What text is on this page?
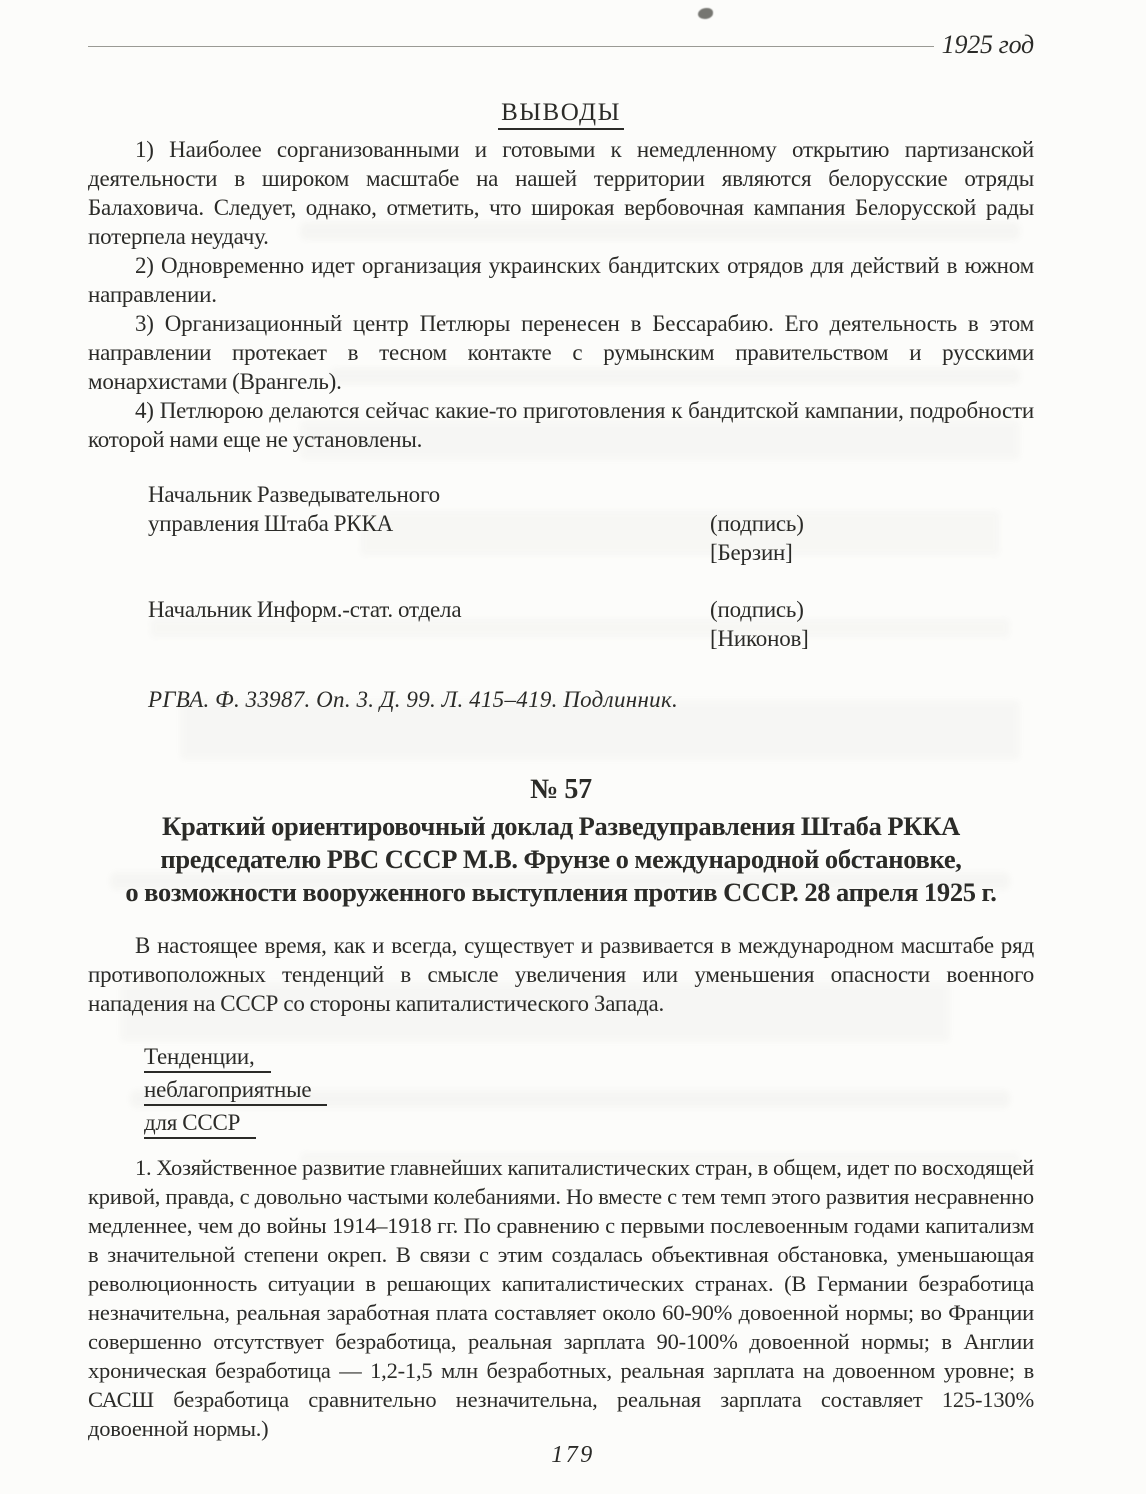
1925 год
ВЫВОДЫ

1) Наиболее сорганизованными и готовыми к немедленному открытию партизанской деятельности в широком масштабе на нашей территории являются белорусские отряды Балаховича. Следует, однако, отметить, что широкая вербовочная кампания Белорусской рады потерпела неудачу.

2) Одновременно идет организация украинских бандитских отрядов для действий в южном направлении.

3) Организационный центр Петлюры перенесен в Бессарабию. Его деятельность в этом направлении протекает в тесном контакте с румынским правительством и русскими монархистами (Врангель).

4) Петлюрою делаются сейчас какие-то приготовления к бандитской кампании, подробности которой нами еще не установлены.

Начальник Разведывательного
управления Штаба РККА	(подпись)
[Берзин]
Начальник Информ.-стат. отдела	(подпись)
[Никонов]

РГВА. Ф. 33987. Оп. 3. Д. 99. Л. 415–419. Подлинник.

№ 57
Краткий ориентировочный доклад Разведуправления Штаба РККА
председателю РВС СССР М.В. Фрунзе о международной обстановке,
о возможности вооруженного выступления против СССР. 28 апреля 1925 г.

В настоящее время, как и всегда, существует и развивается в международном масштабе ряд противоположных тенденций в смысле увеличения или уменьшения опасности военного нападения на СССР со стороны капиталистического Запада.

Тенденции,
неблагоприятные
для СССР

1. Хозяйственное развитие главнейших капиталистических стран, в общем, идет по восходящей кривой, правда, с довольно частыми колебаниями. Но вместе с тем темп этого развития несравненно медленнее, чем до войны 1914–1918 гг. По сравнению с первыми послевоенным годами капитализм в значительной степени окреп. В связи с этим создалась объективная обстановка, уменьшающая революционность ситуации в решающих капиталистических странах. (В Германии безработица незначительна, реальная заработная плата составляет около 60-90% довоенной нормы; во Франции совершенно отсутствует безработица, реальная зарплата 90-100% довоенной нормы; в Англии хроническая безработица — 1,2-1,5 млн безработных, реальная зарплата на довоенном уровне; в САСШ безработица сравнительно незначительна, реальная зарплата составляет 125-130% довоенной нормы.)

179
